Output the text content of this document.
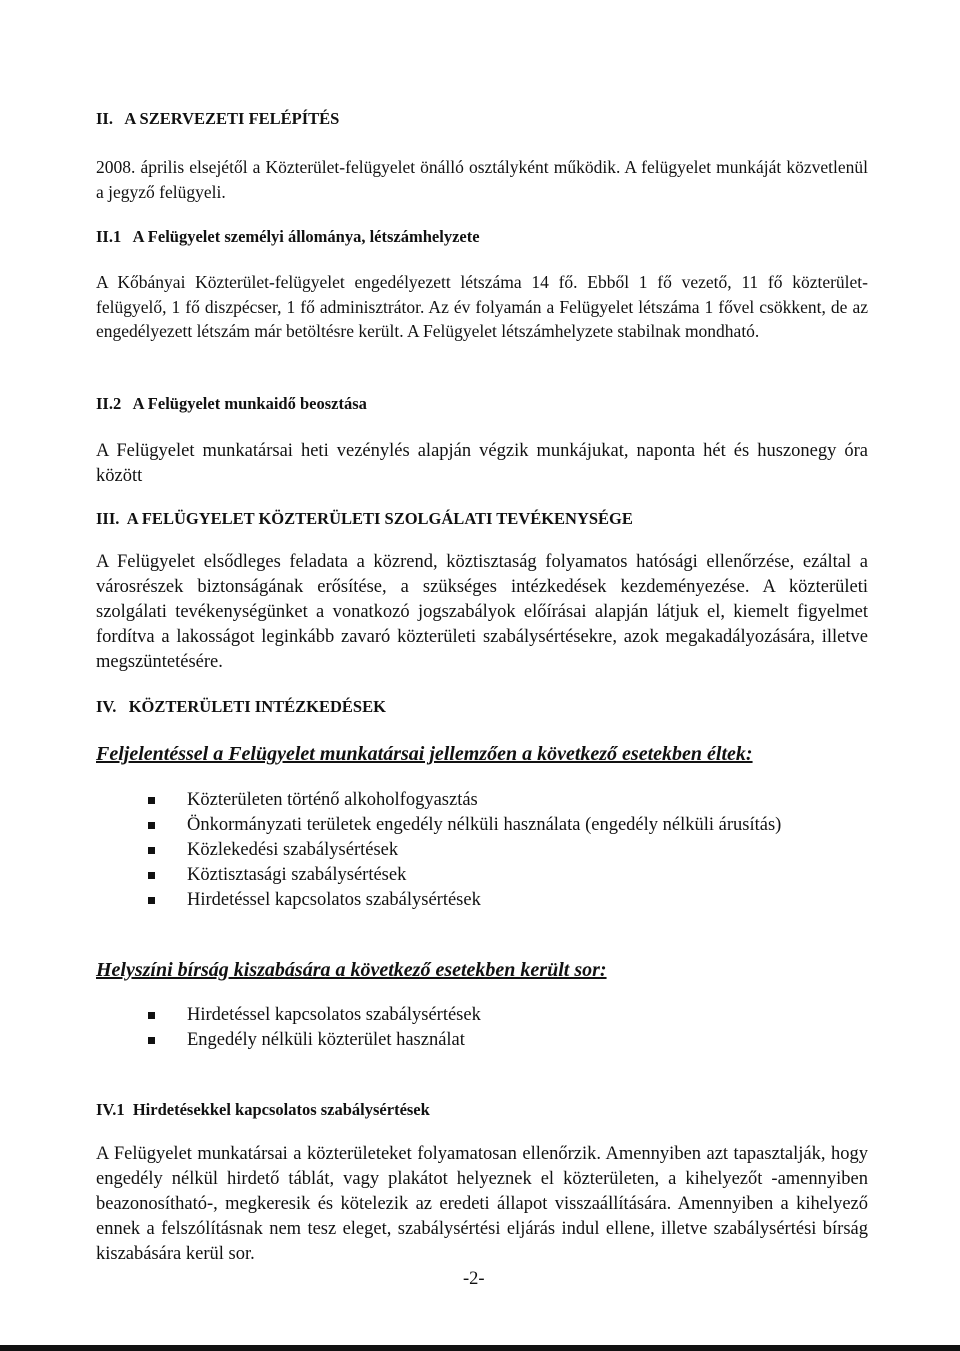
II.   A SZERVEZETI FELÉPÍTÉS

2008. április elsejétől a Közterület-felügyelet önálló osztályként működik. A felügyelet munkáját közvetlenül a jegyző felügyeli.

II.1   A Felügyelet személyi állománya, létszámhelyzete

A Kőbányai Közterület-felügyelet engedélyezett létszáma 14 fő. Ebből 1 fő vezető, 11 fő közterület-felügyelő, 1 fő diszpécser, 1 fő adminisztrátor. Az év folyamán a Felügyelet létszáma 1 fővel csökkent, de az engedélyezett létszám már betöltésre került. A Felügyelet létszámhelyzete stabilnak mondható.

II.2   A Felügyelet munkaidő beosztása

A Felügyelet munkatársai heti vezénylés alapján végzik munkájukat, naponta hét és huszonegy óra között

III.  A FELÜGYELET KÖZTERÜLETI SZOLGÁLATI TEVÉKENYSÉGE

A Felügyelet elsődleges feladata a közrend, köztisztaság folyamatos hatósági ellenőrzése, ezáltal a városrészek biztonságának erősítése, a szükséges intézkedések kezdeményezése. A közterületi szolgálati tevékenységünket a vonatkozó jogszabályok előírásai alapján látjuk el, kiemelt figyelmet fordítva a lakosságot leginkább zavaró közterületi szabálysértésekre, azok megakadályozására, illetve megszüntetésére.

IV.   KÖZTERÜLETI INTÉZKEDÉSEK

Feljelentéssel a Felügyelet munkatársai jellemzően a következő esetekben éltek:

Közterületen történő alkoholfogyasztás
Önkormányzati területek engedély nélküli használata (engedély nélküli árusítás)
Közlekedési szabálysértések
Köztisztasági szabálysértések
Hirdetéssel kapcsolatos szabálysértések

Helyszíni bírság kiszabására a következő esetekben került sor:

Hirdetéssel kapcsolatos szabálysértések
Engedély nélküli közterület használat

IV.1  Hirdetésekkel kapcsolatos szabálysértések

A Felügyelet munkatársai a közterületeket folyamatosan ellenőrzik. Amennyiben azt tapasztalják, hogy engedély nélkül hirdető táblát, vagy plakátot helyeznek el közterületen, a kihelyezőt -amennyiben beazonosítható-, megkeresik és kötelezik az eredeti állapot visszaállítására. Amennyiben a kihelyező ennek a felszólításnak nem tesz eleget, szabálysértési eljárás indul ellene, illetve szabálysértési bírság kiszabására kerül sor.

-2-
